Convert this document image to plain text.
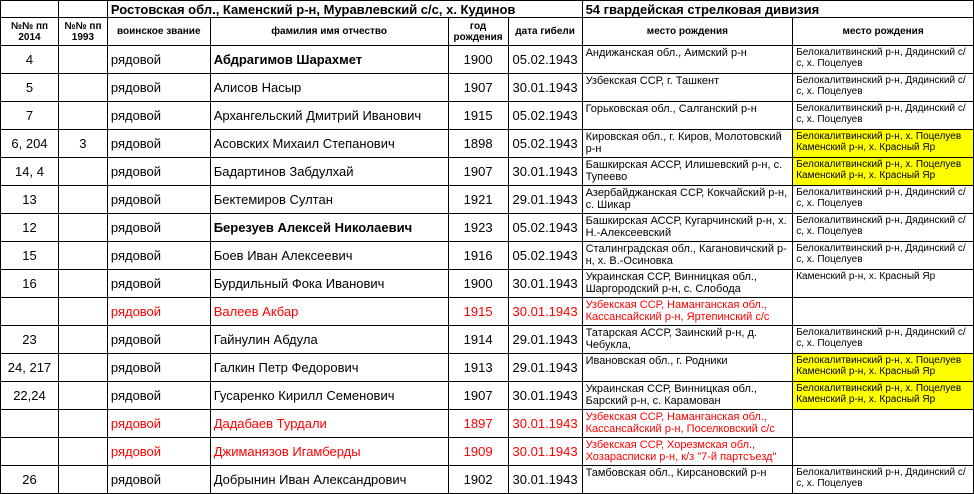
		Ростовская обл., Каменский р-н, Муравлевский с/с, х. Кудинов				54 гвардейская стрелковая дивизия	
№№ пп 2014	№№ пп 1993	воинское звание	фамилия имя отчество	год рождения	дата гибели	место рождения	место рождения
4		рядовой	Абдрагимов Шарахмет	1900	05.02.1943	Андижанская обл., Аимский р-н	Белокалитвинский р-н, Дядинский с/с, х. Поцелуев
5		рядовой	Алисов Насыр	1907	30.01.1943	Узбекская ССР, г. Ташкент	Белокалитвинский р-н, Дядинский с/с, х. Поцелуев
7		рядовой	Архангельский Дмитрий Иванович	1915	05.02.1943	Горьковская обл., Салганский р-н	Белокалитвинский р-н, Дядинский с/с, х. Поцелуев
6, 204	3	рядовой	Асовских Михаил Степанович	1898	05.02.1943	Кировская обл., г. Киров, Молотовский р-н	Белокалитвинский р-н, х. Поцелуев Каменский р-н, х. Красный Яр
14, 4		рядовой	Бадартинов Забдулхай	1907	30.01.1943	Башкирская АССР, Илишевский р-н, с. Тупеево	Белокалитвинский р-н, х. Поцелуев Каменский р-н, х. Красный Яр
13		рядовой	Бектемиров Султан	1921	29.01.1943	Азербайджанская ССР, Кокчайский р-н, с. Шикар	Белокалитвинский р-н, Дядинский с/с, х. Поцелуев
12		рядовой	Березуев Алексей Николаевич	1923	05.02.1943	Башкирская АССР, Кугарчинский р-н, х. Н.-Алексеевский	Белокалитвинский р-н, Дядинский с/с, х. Поцелуев
15		рядовой	Боев Иван Алексеевич	1916	05.02.1943	Сталинградская обл., Кагановичский р-н, х. В.-Осиновка	Белокалитвинский р-н, Дядинский с/с, х. Поцелуев
16		рядовой	Бурдильный Фока Иванович	1900	30.01.1943	Украинская ССР, Винницкая обл., Шаргородский р-н, с. Слобода	Каменский р-н, х. Красный Яр
		рядовой	Валеев Акбар	1915	30.01.1943	Узбекская ССР, Наманганская обл., Кассансайский р-н, Яртепинский с/с	
23		рядовой	Гайнулин Абдула	1914	29.01.1943	Татарская АССР, Заинский р-н, д. Чебукла,	Белокалитвинский р-н, Дядинский с/с, х. Поцелуев
24, 217		рядовой	Галкин Петр Федорович	1913	29.01.1943	Ивановская обл., г. Родники	Белокалитвинский р-н, х. Поцелуев Каменский р-н, х. Красный Яр
22,24		рядовой	Гусаренко Кирилл Семенович	1907	30.01.1943	Украинская ССР, Винницкая обл., Барский р-н, с. Карамован	Белокалитвинский р-н, х. Поцелуев Каменский р-н, х. Красный Яр
		рядовой	Дадабаев Турдали	1897	30.01.1943	Узбекская ССР, Наманганская обл., Кассансайский р-н, Поселковский с/с	
		рядовой	Джиманязов Игамберды	1909	30.01.1943	Узбекская ССР, Хорезмская обл., Хозарасписки р-н, к/з "7-й партсъезд"	
26		рядовой	Добрынин Иван Александрович	1902	30.01.1943	Тамбовская обл., Кирсановский р-н	Белокалитвинский р-н, Дядинский с/с, х. Поцелуев
